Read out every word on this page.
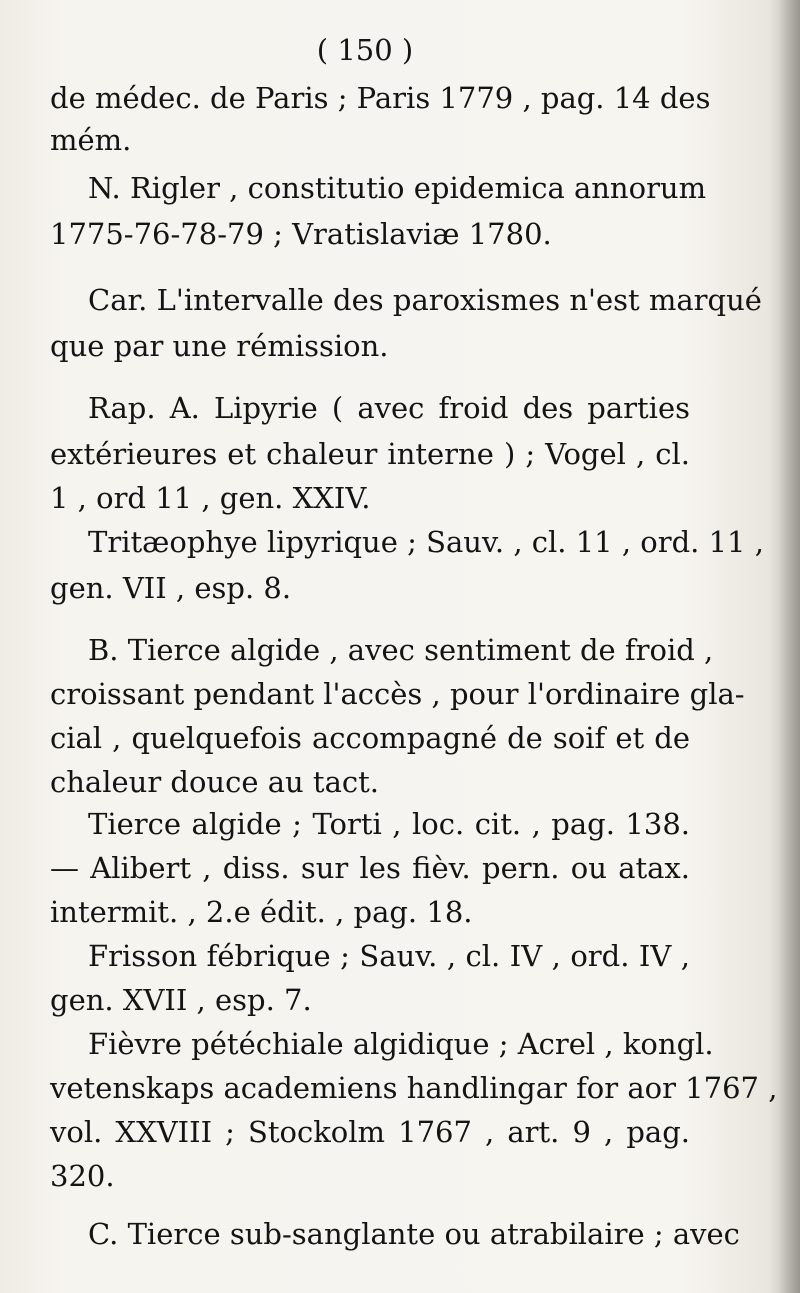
( 150 )
de médec. de Paris ; Paris 1779 , pag. 14 des
mém.
N. Rigler , constitutio epidemica annorum
1775-76-78-79 ; Vratislaviæ 1780.
Car. L'intervalle des paroxismes n'est marqué
que par une rémission.
Rap. A. Lipyrie ( avec froid des parties
extérieures et chaleur interne ) ; Vogel , cl.
1 , ord 11 , gen. XXIV.
Tritæophye lipyrique ; Sauv. , cl. 11 , ord. 11 ,
gen. VII , esp. 8.
B. Tierce algide , avec sentiment de froid ,
croissant pendant l'accès , pour l'ordinaire gla-
cial , quelquefois accompagné de soif et de
chaleur douce au tact.
Tierce algide ; Torti , loc. cit. , pag. 138.
— Alibert , diss. sur les fièv. pern. ou atax.
intermit. , 2.e édit. , pag. 18.
Frisson fébrique ; Sauv. , cl. IV , ord. IV ,
gen. XVII , esp. 7.
Fièvre pétéchiale algidique ; Acrel , kongl.
vetenskaps academiens handlingar for aor 1767 ,
vol. XXVIII ; Stockolm 1767 , art. 9 , pag.
320.
C. Tierce sub-sanglante ou atrabilaire ; avec
